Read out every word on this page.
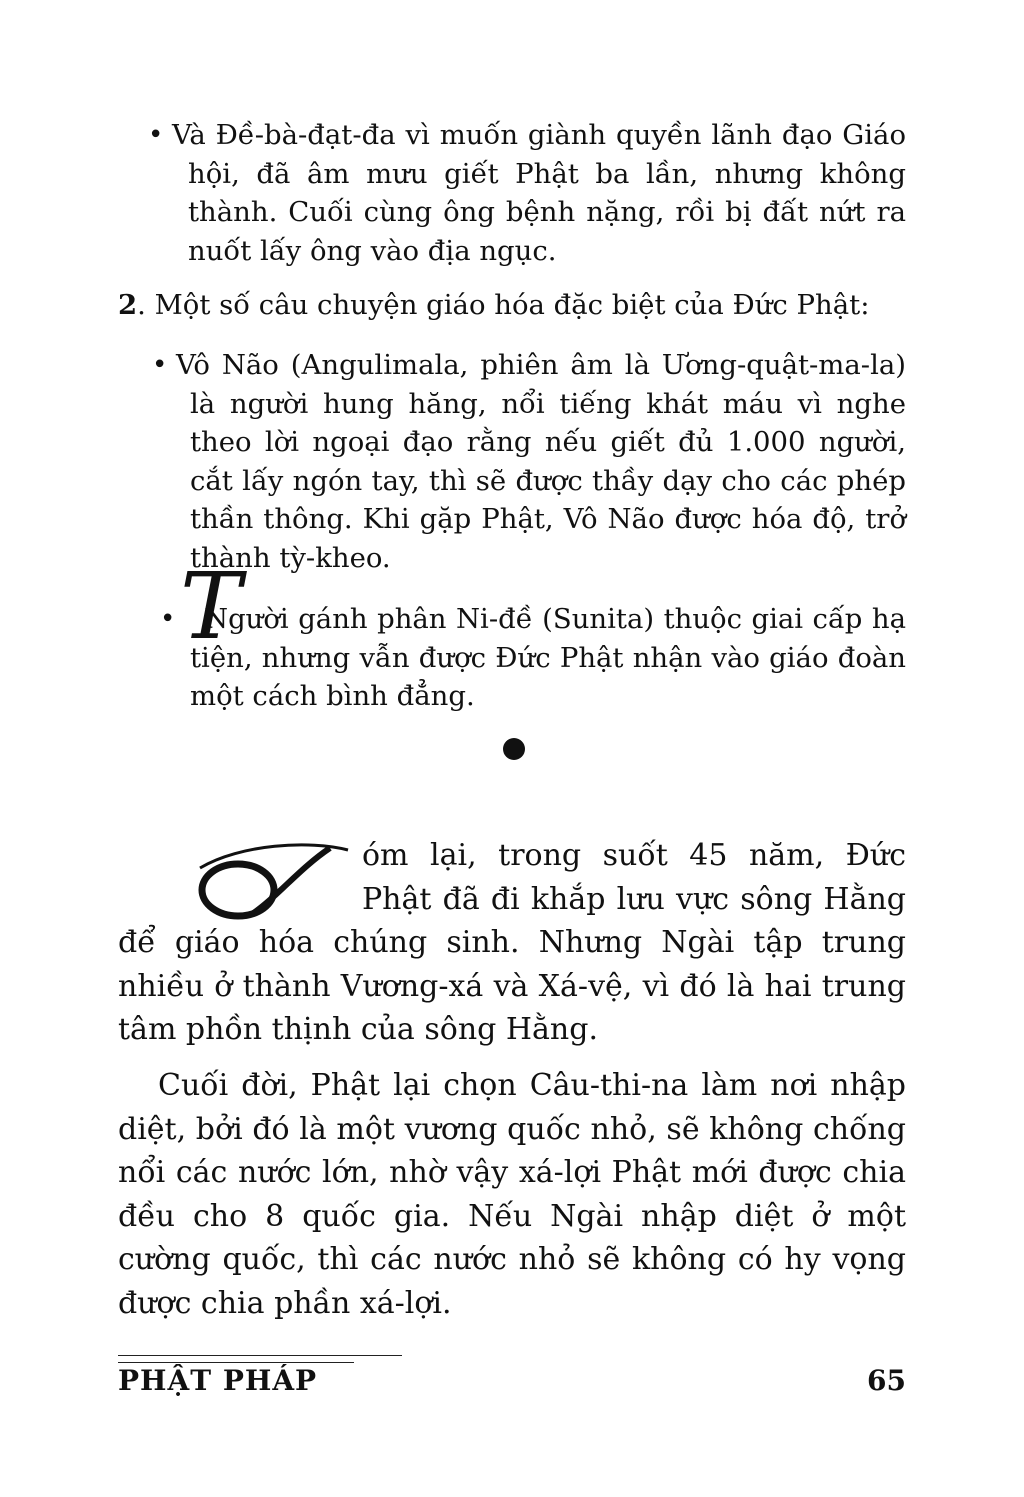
• Và Đề-bà-đạt-đa vì muốn giành quyền lãnh đạo Giáo hội, đã âm mưu giết Phật ba lần, nhưng không thành. Cuối cùng ông bệnh nặng, rồi bị đất nứt ra nuốt lấy ông vào địa ngục.
2. Một số câu chuyện giáo hóa đặc biệt của Đức Phật:
• Vô Não (Angulimala, phiên âm là Ương-quật-ma-la) là người hung hăng, nổi tiếng khát máu vì nghe theo lời ngoại đạo rằng nếu giết đủ 1.000 người, cắt lấy ngón tay, thì sẽ được thầy dạy cho các phép thần thông. Khi gặp Phật, Vô Não được hóa độ, trở thành tỳ-kheo.
•	Người gánh phân Ni-đề (Sunita) thuộc giai cấp hạ tiện, nhưng vẫn được Đức Phật nhận vào giáo đoàn một cách bình đẳng.
T
óm lại, trong suốt 45 năm, Đức Phật đã đi khắp lưu vực sông Hằng để giáo hóa chúng sinh. Nhưng Ngài tập trung nhiều ở thành Vương-xá và Xá-vệ, vì đó là hai trung tâm phồn thịnh của sông Hằng.
Cuối đời, Phật lại chọn Câu-thi-na làm nơi nhập diệt, bởi đó là một vương quốc nhỏ, sẽ không chống nổi các nước lớn, nhờ vậy xá-lợi Phật mới được chia đều cho 8 quốc gia. Nếu Ngài nhập diệt ở một cường quốc, thì các nước nhỏ sẽ không có hy vọng được chia phần xá-lợi.
PHẬT PHÁP	65
